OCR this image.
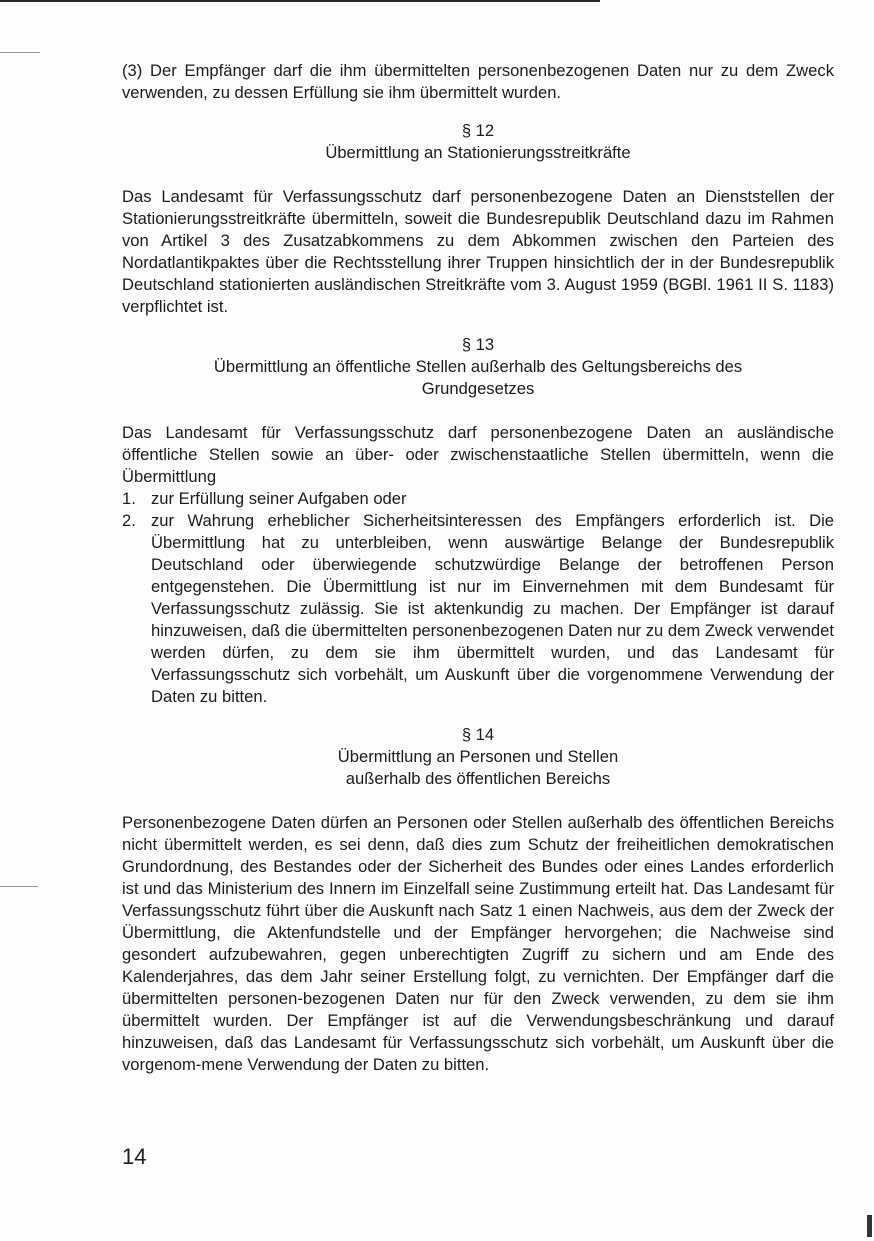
(3) Der Empfänger darf die ihm übermittelten personenbezogenen Daten nur zu dem Zweck verwenden, zu dessen Erfüllung sie ihm übermittelt wurden.

§ 12
Übermittlung an Stationierungsstreitkräfte

Das Landesamt für Verfassungsschutz darf personenbezogene Daten an Dienststellen der Stationierungsstreitkräfte übermitteln, soweit die Bundesrepublik Deutschland dazu im Rahmen von Artikel 3 des Zusatzabkommens zu dem Abkommen zwischen den Parteien des Nordatlantikpaktes über die Rechtsstellung ihrer Truppen hinsichtlich der in der Bundesrepublik Deutschland stationierten ausländischen Streitkräfte vom 3. August 1959 (BGBl. 1961 II S. 1183) verpflichtet ist.

§ 13
Übermittlung an öffentliche Stellen außerhalb des Geltungsbereichs des
Grundgesetzes

Das Landesamt für Verfassungsschutz darf personenbezogene Daten an ausländische öffentliche Stellen sowie an über- oder zwischenstaatliche Stellen übermitteln, wenn die Übermittlung

1. zur Erfüllung seiner Aufgaben oder
2. zur Wahrung erheblicher Sicherheitsinteressen des Empfängers erforderlich ist. Die Übermittlung hat zu unterbleiben, wenn auswärtige Belange der Bundesrepublik Deutschland oder überwiegende schutzwürdige Belange der betroffenen Person entgegenstehen. Die Übermittlung ist nur im Einvernehmen mit dem Bundesamt für Verfassungsschutz zulässig. Sie ist aktenkundig zu machen. Der Empfänger ist darauf hinzuweisen, daß die übermittelten personenbezogenen Daten nur zu dem Zweck verwendet werden dürfen, zu dem sie ihm übermittelt wurden, und das Landesamt für Verfassungsschutz sich vorbehält, um Auskunft über die vorgenommene Verwendung der Daten zu bitten.
§ 14
Übermittlung an Personen und Stellen
außerhalb des öffentlichen Bereichs

Personenbezogene Daten dürfen an Personen oder Stellen außerhalb des öffentlichen Bereichs nicht übermittelt werden, es sei denn, daß dies zum Schutz der freiheitlichen demokratischen Grundordnung, des Bestandes oder der Sicherheit des Bundes oder eines Landes erforderlich ist und das Ministerium des Innern im Einzelfall seine Zustimmung erteilt hat. Das Landesamt für Verfassungsschutz führt über die Auskunft nach Satz 1 einen Nachweis, aus dem der Zweck der Übermittlung, die Aktenfundstelle und der Empfänger hervorgehen; die Nachweise sind gesondert aufzubewahren, gegen unberechtigten Zugriff zu sichern und am Ende des Kalenderjahres, das dem Jahr seiner Erstellung folgt, zu vernichten. Der Empfänger darf die übermittelten personen-bezogenen Daten nur für den Zweck verwenden, zu dem sie ihm übermittelt wurden. Der Empfänger ist auf die Verwendungsbeschränkung und darauf hinzuweisen, daß das Landesamt für Verfassungsschutz sich vorbehält, um Auskunft über die vorgenom-mene Verwendung der Daten zu bitten.

14
